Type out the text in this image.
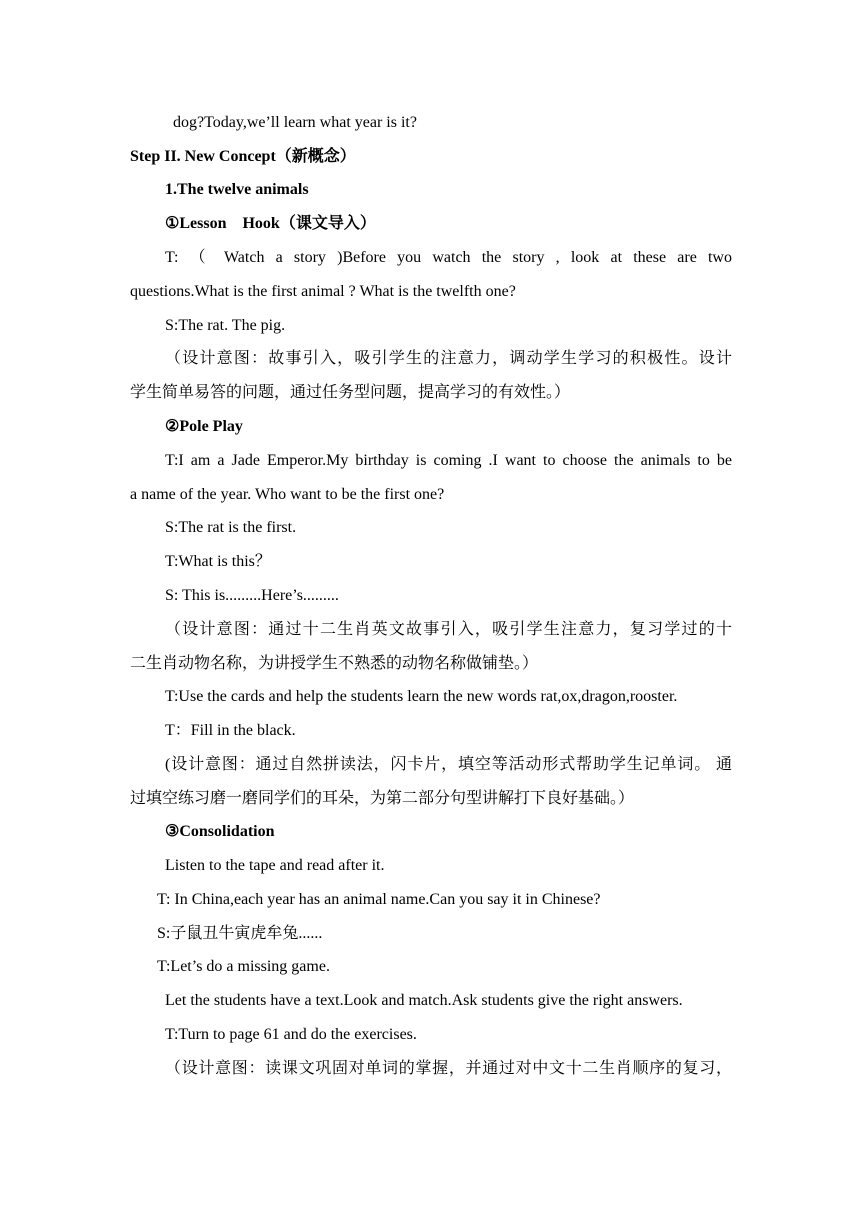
dog?Today,we’ll learn what year is it?
Step II. New Concept（新概念）
1.The twelve animals
①Lesson　Hook（课文导入）
T: （ Watch a story )Before you watch the story , look at these are two
questions.What is the first animal ? What is the twelfth one?
S:The rat. The pig.
（设计意图：故事引入，吸引学生的注意力，调动学生学习的积极性。设计
学生简单易答的问题，通过任务型问题，提高学习的有效性。）
②Pole Play
T:I am a Jade Emperor.My birthday is coming .I want to choose the animals to be
a name of the year. Who want to be the first one?
S:The rat is the first.
T:What is this？
S: This is.........Here’s.........
（设计意图：通过十二生肖英文故事引入，吸引学生注意力，复习学过的十
二生肖动物名称，为讲授学生不熟悉的动物名称做铺垫。）
T:Use the cards and help the students learn the new words rat,ox,dragon,rooster.
T：Fill in the black.
(设计意图：通过自然拼读法，闪卡片，填空等活动形式帮助学生记单词。 通
过填空练习磨一磨同学们的耳朵，为第二部分句型讲解打下良好基础。）
③Consolidation
Listen to the tape and read after it.
T: In China,each year has an animal name.Can you say it in Chinese?
S:子鼠丑牛寅虎牟兔......
T:Let’s do a missing game.
Let the students have a text.Look and match.Ask students give the right answers.
T:Turn to page 61 and do the exercises.
（设计意图：读课文巩固对单词的掌握，并通过对中文十二生肖顺序的复习，
